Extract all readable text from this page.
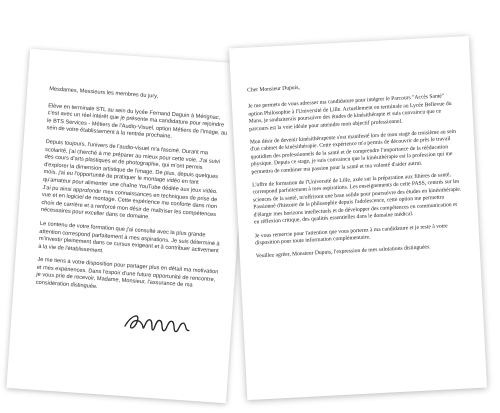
Mesdames, Messieurs les membres du jury,

Elève en terminale STL au sein du lycée Fernand Daguin à Mérignac, c'est avec un réel intérêt que je présente ma candidature pour rejoindre le BTS Services - Métiers de l'Audio-Visuel, option Métiers de l'image, au sein de votre établissement à la rentrée prochaine.

Depuis toujours, l'univers de l'audio-visuel m'a fasciné. Durant ma scolarité, j'ai cherché à me préparer au mieux pour cette voie. J'ai suivi des cours d'arts plastiques et de photographie, qui m'ont permis d'explorer la dimension artistique de l'image. De plus, depuis quelques mois, j'ai eu l'opportunité de pratiquer le montage vidéo en tant qu'amateur pour alimenter une chaîne YouTube dédiée aux jeux vidéo. J'ai pu ainsi approfondir mes connaissances en techniques de prise de vue et en logiciel de montage. Cette expérience me conforte dans mon choix de carrière et a renforcé mon désir de maîtriser les compétences nécessaires pour exceller dans ce domaine.

Le contenu de votre formation que j'ai consulté avec la plus grande attention correspond parfaitement à mes aspirations. Je suis déterminé à m'investir pleinement dans ce cursus exigeant et à contribuer activement à la vie de l'établissement.

Je me tiens à votre disposition pour partager plus en détail ma motivation et mes expériences. Dans l'espoir d'une future opportunité de rencontre, je vous prie de recevoir, Madame, Monsieur, l'assurance de ma considération distinguée.

Cher Monsieur Dupuis,

Je me permets de vous adresser ma candidature pour intégrer le Parcours "Accès Santé" option Philosophie à l'Université de Lille. Actuellement en terminale au Lycée Bellevue du Mans, je souhaiterais poursuivre des études de kinésithérapie et suis convaincu que ce parcours est la voie idéale pour atteindre mon objectif professionnel.

Mon désir de devenir kinésithérapeute s'est manifesté lors de mon stage de troisième au sein d'un cabinet de kinésithérapie. Cette expérience m'a permis de découvrir de près le travail quotidien des professionnels de la santé et de comprendre l'importance de la rééducation physique. Depuis ce stage, je suis convaincu que la kinésithérapie est la profession qui me permettra de combiner ma passion pour la santé et ma volonté d'aider autrui.

L'offre de formation de l'Université de Lille, axée sur la préparation aux filières de santé, correspond parfaitement à mes aspirations. Les enseignements de cette PASS, centrés sur les sciences de la santé, m'offriront une base solide pour poursuivre des études en kinésithérapie. Passionné d'histoire de la philosophie depuis l'adolescence, cette option me permettra d'élargir mes horizons intellectuels et de développer des compétences en communication et en réflexion critique, des qualités essentielles dans le domaine médical.

Je vous remercie pour l'attention que vous porterez à ma candidature et je reste à votre disposition pour toute information complémentaire.

Veuillez agréer, Monsieur Dupuis, l'expression de mes salutations distinguées.
